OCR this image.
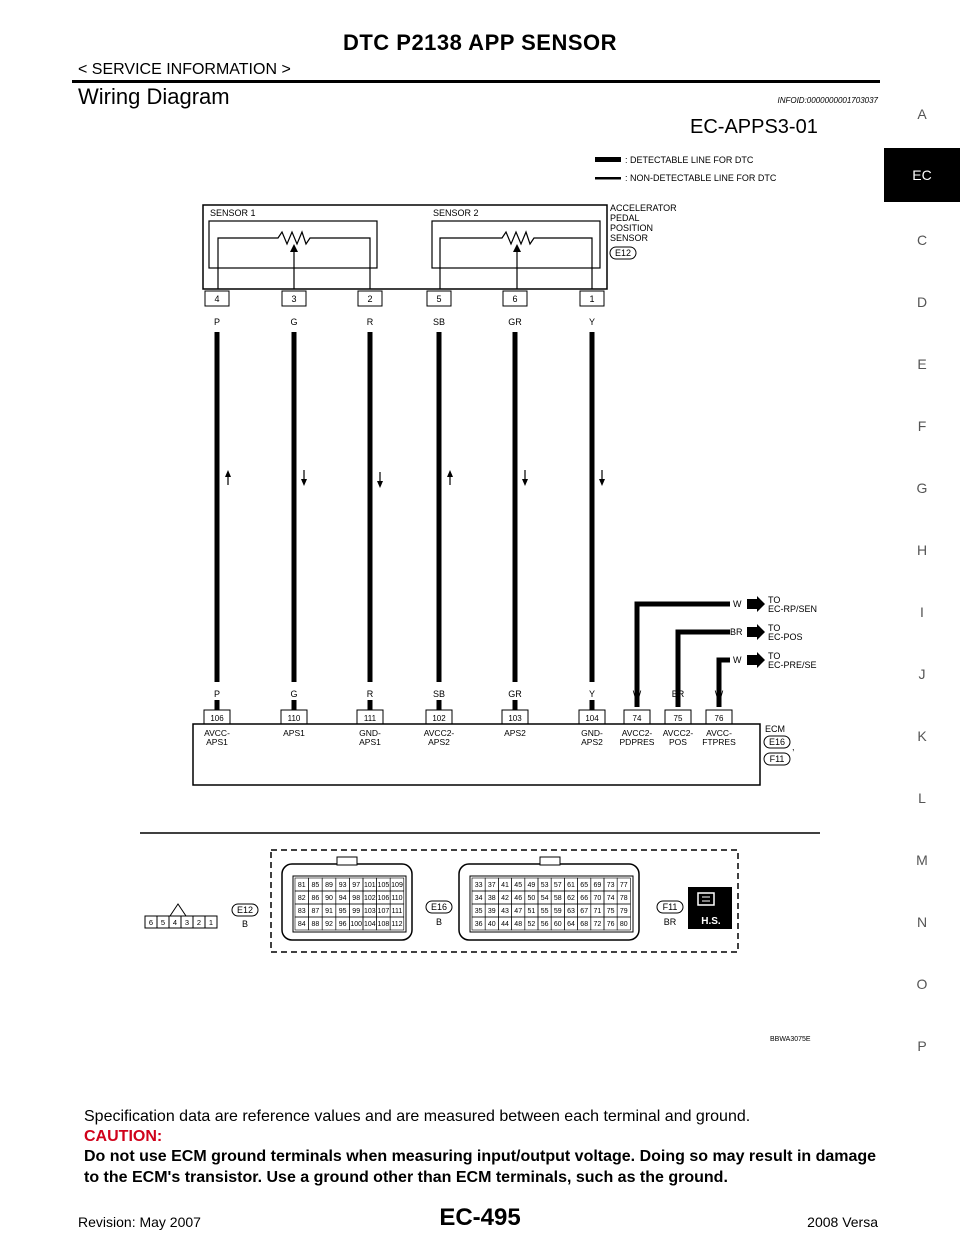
DTC P2138 APP SENSOR
< SERVICE INFORMATION >
Wiring Diagram	INFOID:0000000001703037
EC-APPS3-01
A
EC
C
D
E
F
G
H
I
J
K
L
M
N
O
P
: DETECTABLE LINE FOR DTC
: NON-DETECTABLE LINE FOR DTC
SENSOR 1	SENSOR 2	ACCELERATOR
PEDAL
POSITION
SENSOR
E12
4	3	2	5	6	1
P	G	R	SB	GR	Y
W
BR
W
TO
EC-RP/SEN
TO
EC-POS
TO
EC-PRE/SE
P	G	R	SB	GR	Y	W	BR	W
106	110	111	102	103	104	74	75	76
AVCC-
APS1
APS1	GND-
APS1
AVCC2-
APS2
APS2	GND-
APS2
AVCC2-
PDPRES
AVCC2-
POS
AVCC-
FTPRES
ECM
E16 ,
F11
6 5 4 3 2 1
E12
B
81 85 89 93 97 101 105 109
82 86 90 94 98 102 106 110
83 87 91 95 99 103 107 111
84 88 92 96 100 104 108 112
E16
B
33 37 41 45 49 53 57 61 65 69 73 77
34 38 42 46 50 54 58 62 66 70 74 78
35 39 43 47 51 55 59 63 67 71 75 79
36 40 44 48 52 56 60 64 68 72 76 80
F11
BR	H.S.
BBWA3075E
Specification data are reference values and are measured between each terminal and ground.
CAUTION:
Do not use ECM ground terminals when measuring input/output voltage. Doing so may result in damage to the ECM's transistor. Use a ground other than ECM terminals, such as the ground.
Revision: May 2007	EC-495	2008 Versa
